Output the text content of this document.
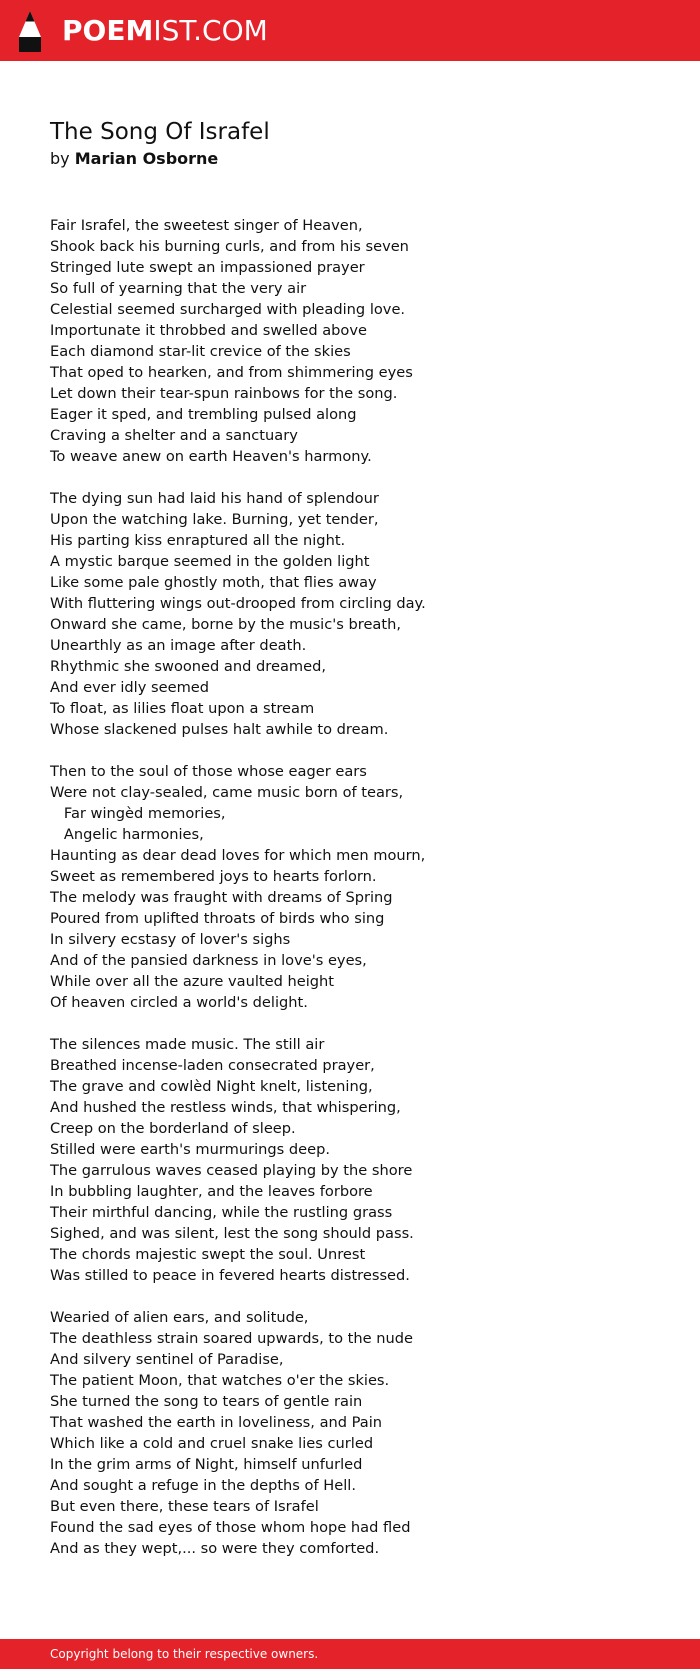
POEMIST.COM
The Song Of Israfel
by Marian Osborne
Fair Israfel, the sweetest singer of Heaven,
Shook back his burning curls, and from his seven
Stringed lute swept an impassioned prayer
So full of yearning that the very air
Celestial seemed surcharged with pleading love.
Importunate it throbbed and swelled above
Each diamond star-lit crevice of the skies
That oped to hearken, and from shimmering eyes
Let down their tear-spun rainbows for the song.
Eager it sped, and trembling pulsed along
Craving a shelter and a sanctuary
To weave anew on earth Heaven's harmony.
The dying sun had laid his hand of splendour
Upon the watching lake. Burning, yet tender,
His parting kiss enraptured all the night.
A mystic barque seemed in the golden light
Like some pale ghostly moth, that flies away
With fluttering wings out-drooped from circling day.
Onward she came, borne by the music's breath,
Unearthly as an image after death.
Rhythmic she swooned and dreamed,
And ever idly seemed
To float, as lilies float upon a stream
Whose slackened pulses halt awhile to dream.
Then to the soul of those whose eager ears
Were not clay-sealed, came music born of tears,
Far wingèd memories,
Angelic harmonies,
Haunting as dear dead loves for which men mourn,
Sweet as remembered joys to hearts forlorn.
The melody was fraught with dreams of Spring
Poured from uplifted throats of birds who sing
In silvery ecstasy of lover's sighs
And of the pansied darkness in love's eyes,
While over all the azure vaulted height
Of heaven circled a world's delight.
The silences made music. The still air
Breathed incense-laden consecrated prayer,
The grave and cowlèd Night knelt, listening,
And hushed the restless winds, that whispering,
Creep on the borderland of sleep.
Stilled were earth's murmurings deep.
The garrulous waves ceased playing by the shore
In bubbling laughter, and the leaves forbore
Their mirthful dancing, while the rustling grass
Sighed, and was silent, lest the song should pass.
The chords majestic swept the soul. Unrest
Was stilled to peace in fevered hearts distressed.
Wearied of alien ears, and solitude,
The deathless strain soared upwards, to the nude
And silvery sentinel of Paradise,
The patient Moon, that watches o'er the skies.
She turned the song to tears of gentle rain
That washed the earth in loveliness, and Pain
Which like a cold and cruel snake lies curled
In the grim arms of Night, himself unfurled
And sought a refuge in the depths of Hell.
But even there, these tears of Israfel
Found the sad eyes of those whom hope had fled
And as they wept,... so were they comforted.
Copyright belong to their respective owners.
